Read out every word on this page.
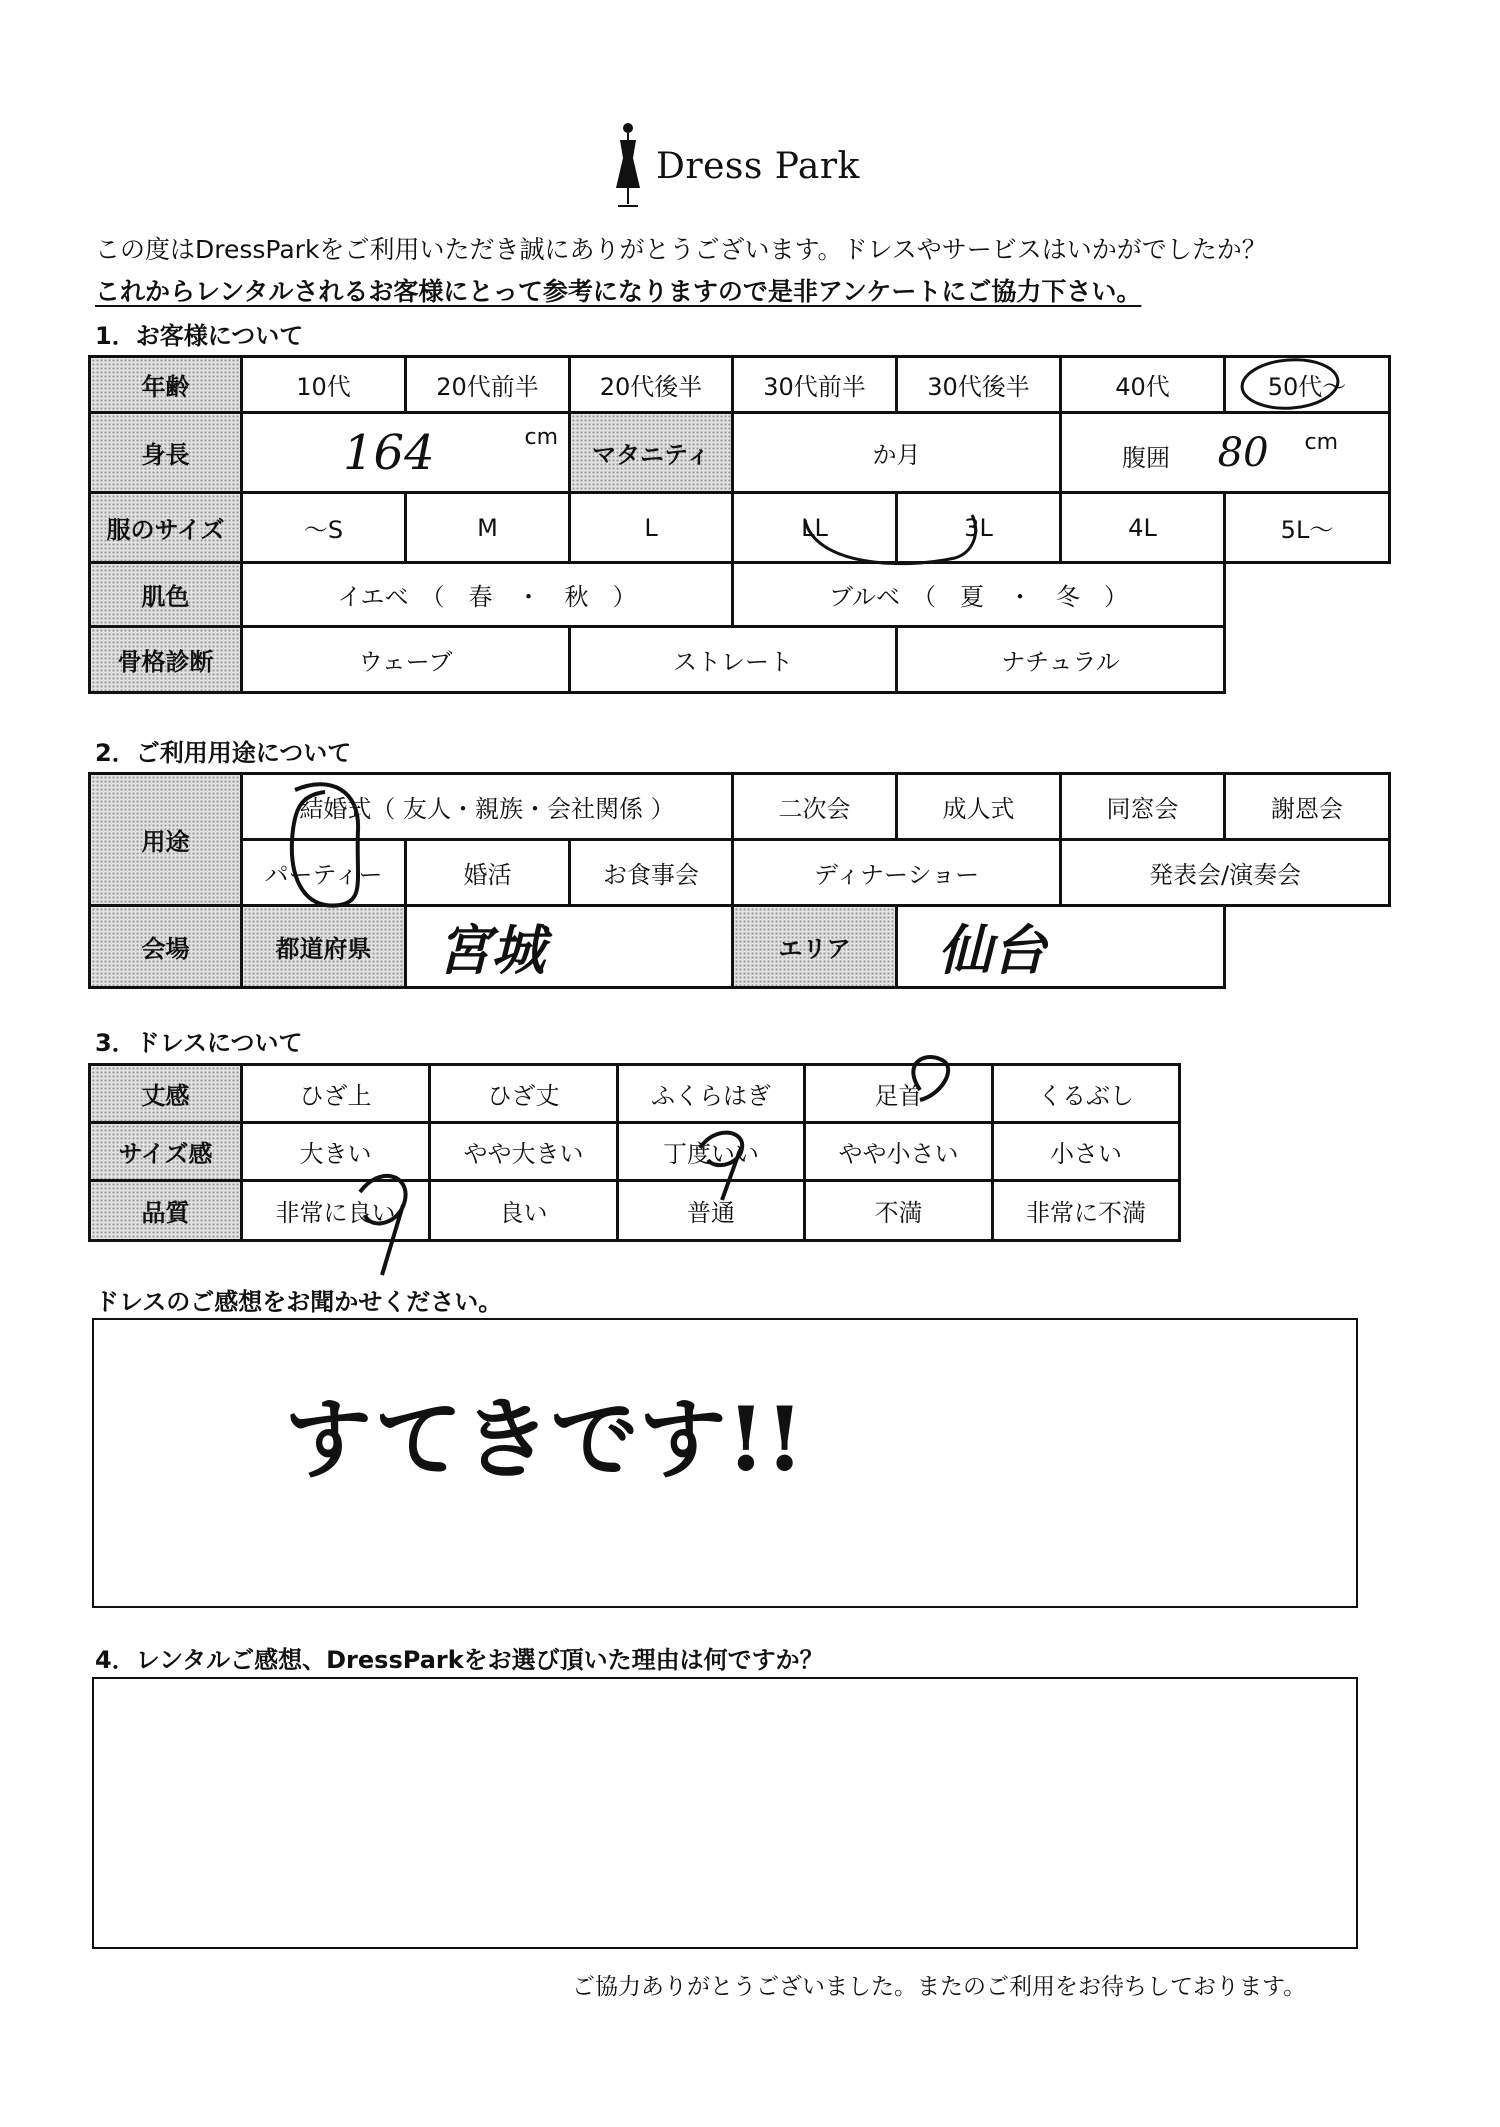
Dress Park
この度はDressParkをご利用いただき誠にありがとうございます。ドレスやサービスはいかがでしたか？
これからレンタルされるお客様にとって参考になりますので是非アンケートにご協力下さい。
1．お客様について
年齢	10代	20代前半	20代後半	30代前半	30代後半	40代	50代～
身長	164 cm		マタニティ	か月		腹囲 80 cm	

服のサイズ	～S	M	L	LL	3L	4L	5L～
肌色	イエベ　（　春　・　秋　）			ブルベ　（　夏　・　冬　）			
骨格診断	ウェーブ		ストレート		ナチュラル		
2．ご利用用途について
用途	結婚式（ 友人・親族・会社関係 ）			二次会	成人式	同窓会	謝恩会
	パーティー	婚活	お食事会	ディナーショー		発表会/演奏会	
会場	都道府県	宮城		エリア	仙台		
3．ドレスについて
丈感	ひざ上	ひざ丈	ふくらはぎ	足首	くるぶし
サイズ感	大きい	やや大きい	丁度いい	やや小さい	小さい
品質	非常に良い	良い	普通	不満	非常に不満
ドレスのご感想をお聞かせください。
すてきです!!
4．レンタルご感想、DressParkをお選び頂いた理由は何ですか？
ご協力ありがとうございました。またのご利用をお待ちしております。
